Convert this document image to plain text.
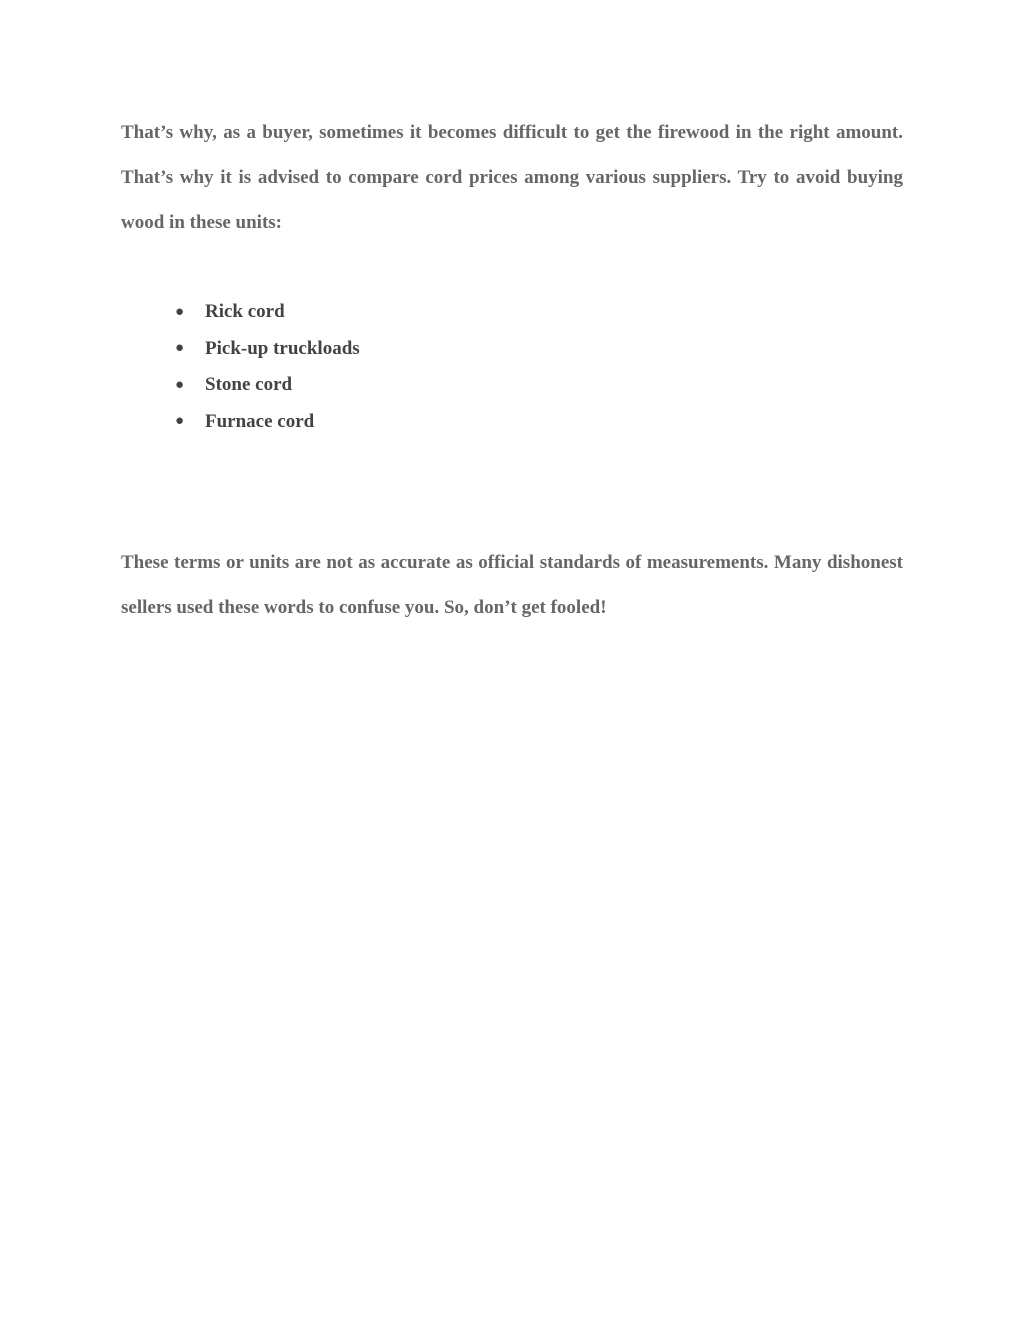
That’s why, as a buyer, sometimes it becomes difficult to get the firewood in the right amount. That’s why it is advised to compare cord prices among various suppliers. Try to avoid buying wood in these units:

●	Rick cord
●	Pick-up truckloads
●	Stone cord
●	Furnace cord

These terms or units are not as accurate as official standards of measurements. Many dishonest sellers used these words to confuse you. So, don’t get fooled!
